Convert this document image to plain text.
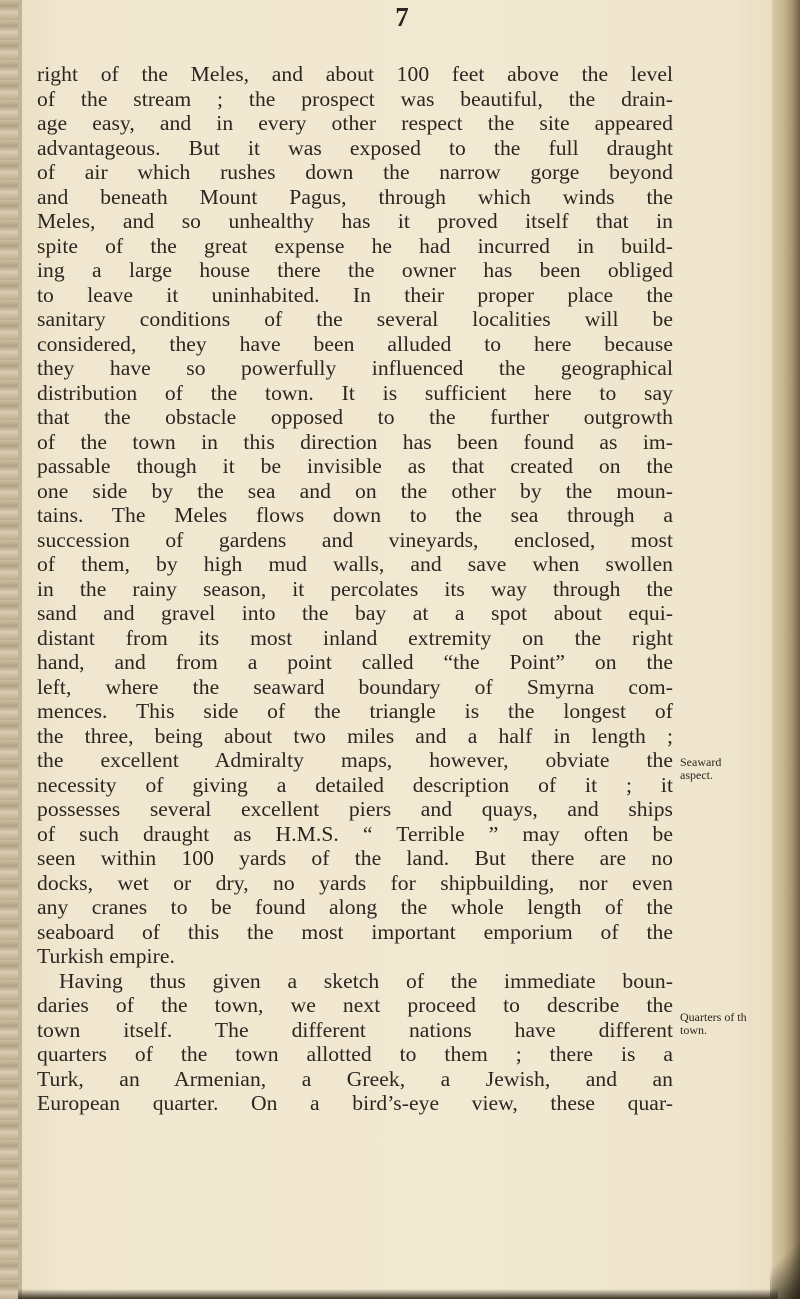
7
right of the Meles, and about 100 feet above the level
of the stream ; the prospect was beautiful, the drain-
age easy, and in every other respect the site appeared
advantageous. But it was exposed to the full draught
of air which rushes down the narrow gorge beyond
and beneath Mount Pagus, through which winds the
Meles, and so unhealthy has it proved itself that in
spite of the great expense he had incurred in build-
ing a large house there the owner has been obliged
to leave it uninhabited. In their proper place the
sanitary conditions of the several localities will be
considered, they have been alluded to here because
they have so powerfully influenced the geographical
distribution of the town. It is sufficient here to say
that the obstacle opposed to the further outgrowth
of the town in this direction has been found as im-
passable though it be invisible as that created on the
one side by the sea and on the other by the moun-
tains. The Meles flows down to the sea through a
succession of gardens and vineyards, enclosed, most
of them, by high mud walls, and save when swollen
in the rainy season, it percolates its way through the
sand and gravel into the bay at a spot about equi-
distant from its most inland extremity on the right
hand, and from a point called “the Point” on the
left, where the seaward boundary of Smyrna com-
mences. This side of the triangle is the longest of
the three, being about two miles and a half in length ;
the excellent Admiralty maps, however, obviate the
necessity of giving a detailed description of it ; it
possesses several excellent piers and quays, and ships
of such draught as H.M.S. “ Terrible ” may often be
seen within 100 yards of the land. But there are no
docks, wet or dry, no yards for shipbuilding, nor even
any cranes to be found along the whole length of the
seaboard of this the most important emporium of the
Turkish empire.
Having thus given a sketch of the immediate boun-
daries of the town, we next proceed to describe the
town itself. The different nations have different
quarters of the town allotted to them ; there is a
Turk, an Armenian, a Greek, a Jewish, and an
European quarter. On a bird’s-eye view, these quar-
Seaward
aspect.
Quarters of th
town.
